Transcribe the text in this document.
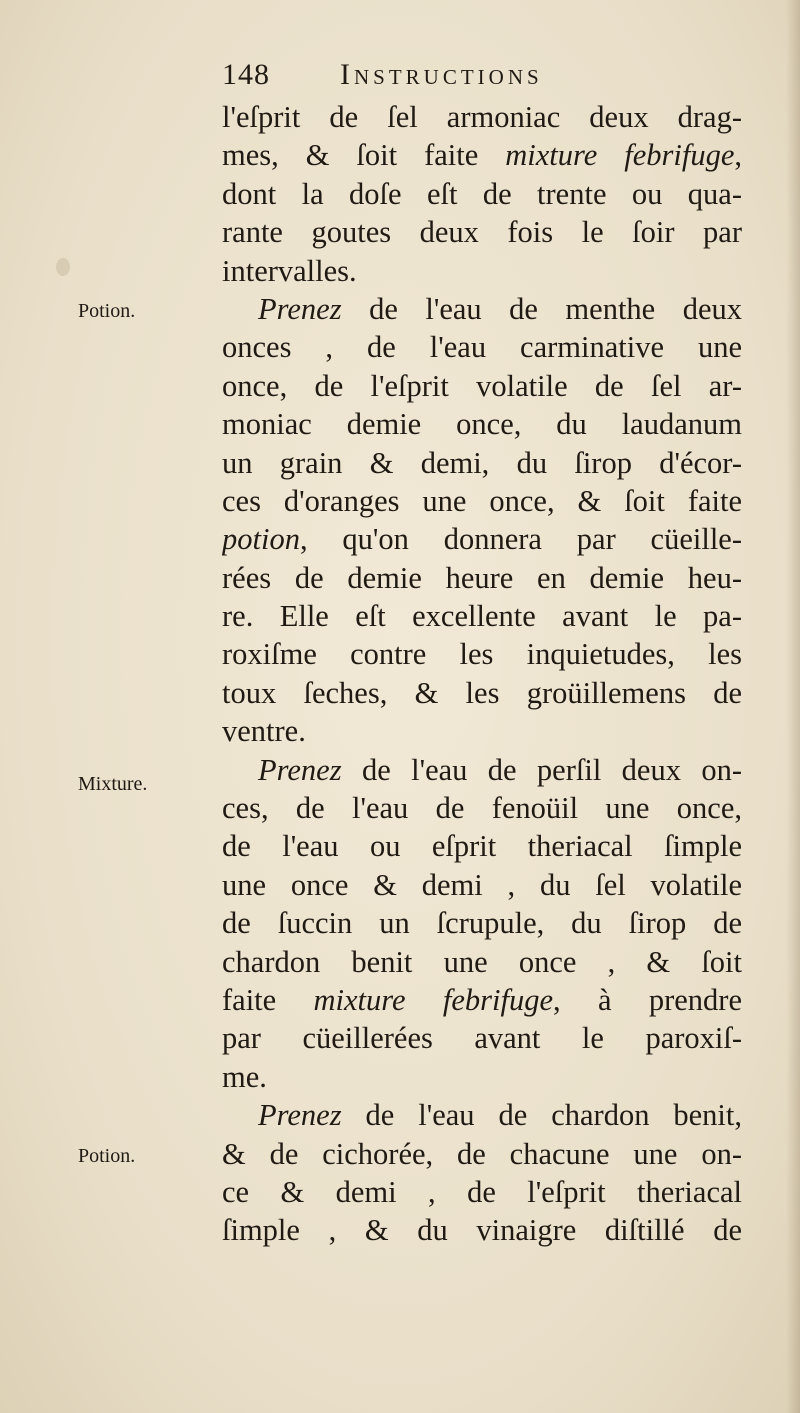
148 Instructions
Potion.
Mixture.
Potion.
l'eſprit de ſel armoniac deux drag-
mes, & ſoit faite mixture febrifuge,
dont la doſe eſt de trente ou qua-
rante goutes deux fois le ſoir par
intervalles.
Prenez de l'eau de menthe deux
onces , de l'eau carminative une
once, de l'eſprit volatile de ſel ar-
moniac demie once, du laudanum
un grain & demi, du ſirop d'écor-
ces d'oranges une once, & ſoit faite
potion, qu'on donnera par cüeille-
rées de demie heure en demie heu-
re. Elle eſt excellente avant le pa-
roxiſme contre les inquietudes, les
toux ſeches, & les groüillemens de
ventre.
Prenez de l'eau de perſil deux on-
ces, de l'eau de fenoüil une once,
de l'eau ou eſprit theriacal ſimple
une once & demi , du ſel volatile
de ſuccin un ſcrupule, du ſirop de
chardon benit une once , & ſoit
faite mixture febrifuge, à prendre
par cüeillerées avant le paroxiſ-
me.
Prenez de l'eau de chardon benit,
& de cichorée, de chacune une on-
ce & demi , de l'eſprit theriacal
ſimple , & du vinaigre diſtillé de
